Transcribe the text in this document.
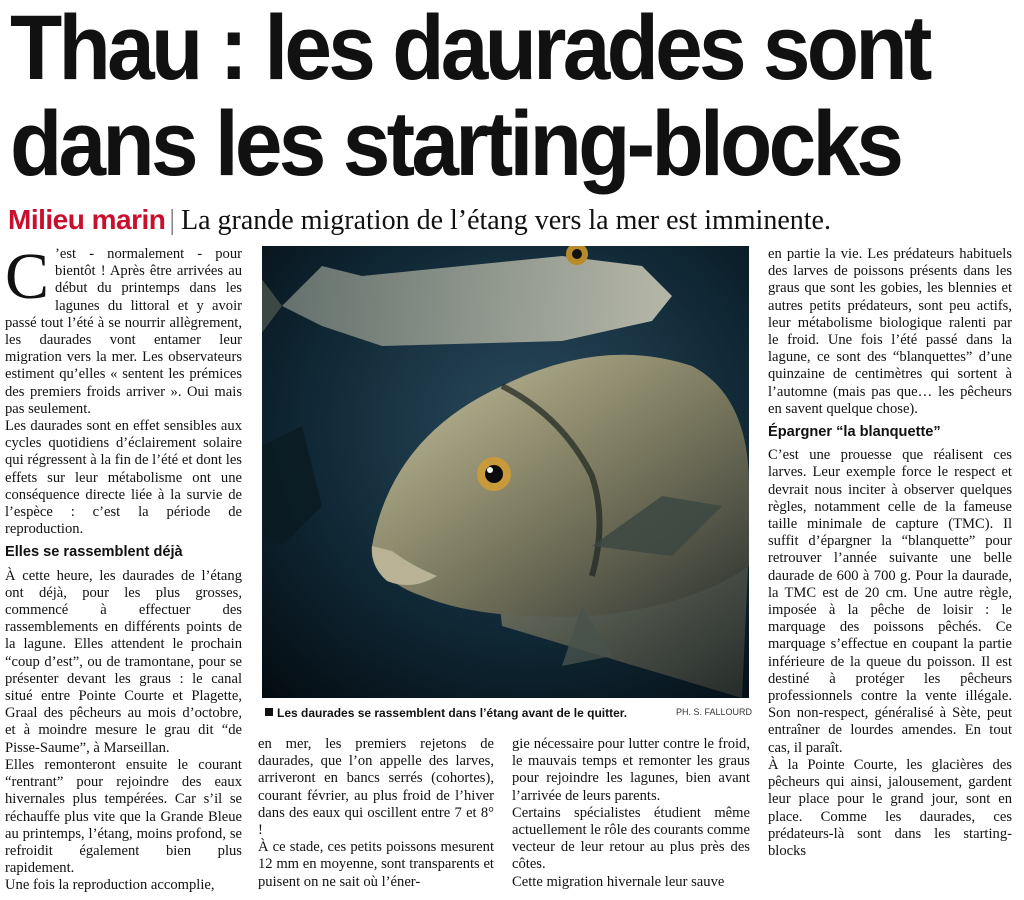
Thau : les daurades sont dans les starting-blocks
Milieu marin | La grande migration de l’étang vers la mer est imminente.

C ’est - normalement - pour bientôt ! Après être arrivées au début du printemps dans les lagunes du littoral et y avoir passé tout l’été à se nourrir allègrement, les daurades vont entamer leur migration vers la mer. Les observateurs estiment qu’elles « sentent les prémices des premiers froids arriver ». Oui mais pas seulement.

Les daurades sont en effet sensibles aux cycles quotidiens d’éclairement solaire qui régressent à la fin de l’été et dont les effets sur leur métabolisme ont une conséquence directe liée à la survie de l’espèce : c’est la période de reproduction.

Elles se rassemblent déjà

À cette heure, les daurades de l’étang ont déjà, pour les plus grosses, commencé à effectuer des rassemblements en différents points de la lagune. Elles attendent le prochain “coup d’est”, ou de tramontane, pour se présenter devant les graus : le canal situé entre Pointe Courte et Plagette, Graal des pêcheurs au mois d’octobre, et à moindre mesure le grau dit “de Pisse-Saume”, à Marseillan.

Elles remonteront ensuite le courant “rentrant” pour rejoindre des eaux hivernales plus tempérées. Car s’il se réchauffe plus vite que la Grande Bleue au printemps, l’étang, moins profond, se refroidit également bien plus rapidement.

Une fois la reproduction accomplie,

Les daurades se rassemblent dans l’étang avant de le quitter.	PH. S. FALLOURD

en mer, les premiers rejetons de daurades, que l’on appelle des larves, arriveront en bancs serrés (cohortes), courant février, au plus froid de l’hiver dans des eaux qui oscillent entre 7 et 8° !

À ce stade, ces petits poissons mesurent 12 mm en moyenne, sont transparents et puisent on ne sait où l’éner-

gie nécessaire pour lutter contre le froid, le mauvais temps et remonter les graus pour rejoindre les lagunes, bien avant l’arrivée de leurs parents.

Certains spécialistes étudient même actuellement le rôle des courants comme vecteur de leur retour au plus près des côtes.

Cette migration hivernale leur sauve

en partie la vie. Les prédateurs habituels des larves de poissons présents dans les graus que sont les gobies, les blennies et autres petits prédateurs, sont peu actifs, leur métabolisme biologique ralenti par le froid. Une fois l’été passé dans la lagune, ce sont des “blanquettes” d’une quinzaine de centimètres qui sortent à l’automne (mais pas que… les pêcheurs en savent quelque chose).

Épargner “la blanquette”

C’est une prouesse que réalisent ces larves. Leur exemple force le respect et devrait nous inciter à observer quelques règles, notamment celle de la fameuse taille minimale de capture (TMC). Il suffit d’épargner la “blanquette” pour retrouver l’année suivante une belle daurade de 600 à 700 g. Pour la daurade, la TMC est de 20 cm. Une autre règle, imposée à la pêche de loisir : le marquage des poissons pêchés. Ce marquage s’effectue en coupant la partie inférieure de la queue du poisson. Il est destiné à protéger les pêcheurs professionnels contre la vente illégale. Son non-respect, généralisé à Sète, peut entraîner de lourdes amendes. En tout cas, il paraît.

À la Pointe Courte, les glacières des pêcheurs qui ainsi, jalousement, gardent leur place pour le grand jour, sont en place. Comme les daurades, ces prédateurs-là sont dans les starting-blocks
